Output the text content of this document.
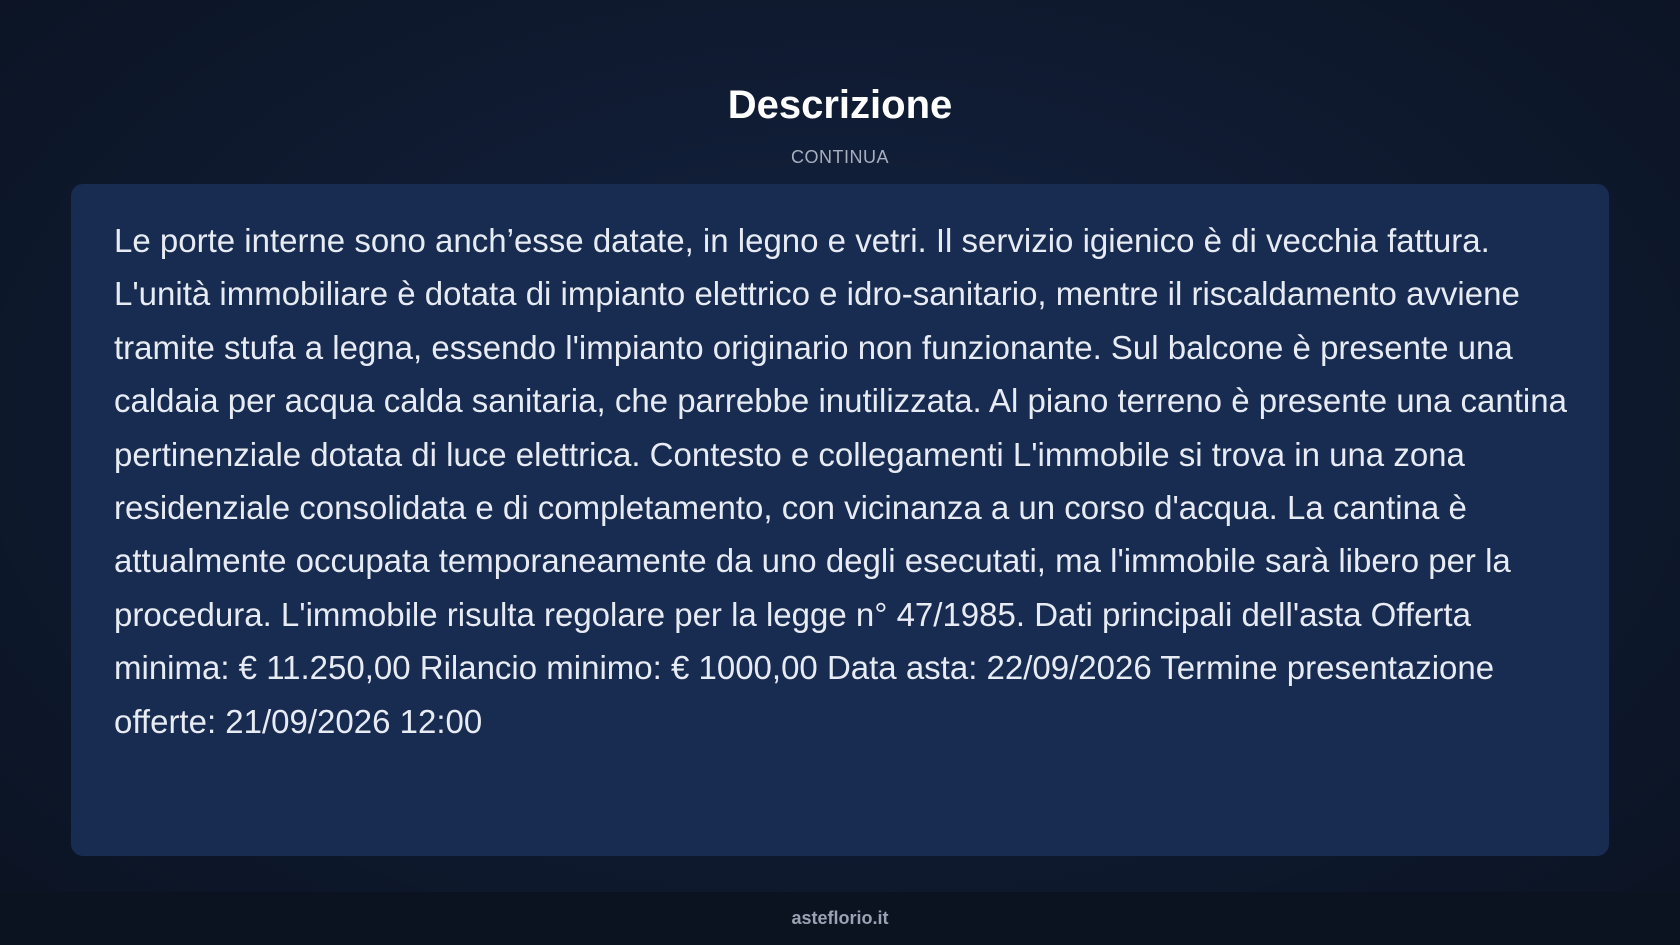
Descrizione
CONTINUA

Le porte interne sono anch’esse datate, in legno e vetri. Il servizio igienico è di vecchia fattura. L'unità immobiliare è dotata di impianto elettrico e idro-sanitario, mentre il riscaldamento avviene tramite stufa a legna, essendo l'impianto originario non funzionante. Sul balcone è presente una caldaia per acqua calda sanitaria, che parrebbe inutilizzata. Al piano terreno è presente una cantina pertinenziale dotata di luce elettrica. Contesto e collegamenti L'immobile si trova in una zona residenziale consolidata e di completamento, con vicinanza a un corso d'acqua. La cantina è attualmente occupata temporaneamente da uno degli esecutati, ma l'immobile sarà libero per la procedura. L'immobile risulta regolare per la legge n° 47/1985. Dati principali dell'asta Offerta minima: € 11.250,00 Rilancio minimo: € 1000,00 Data asta: 22/09/2026 Termine presentazione offerte: 21/09/2026 12:00

asteflorio.it
